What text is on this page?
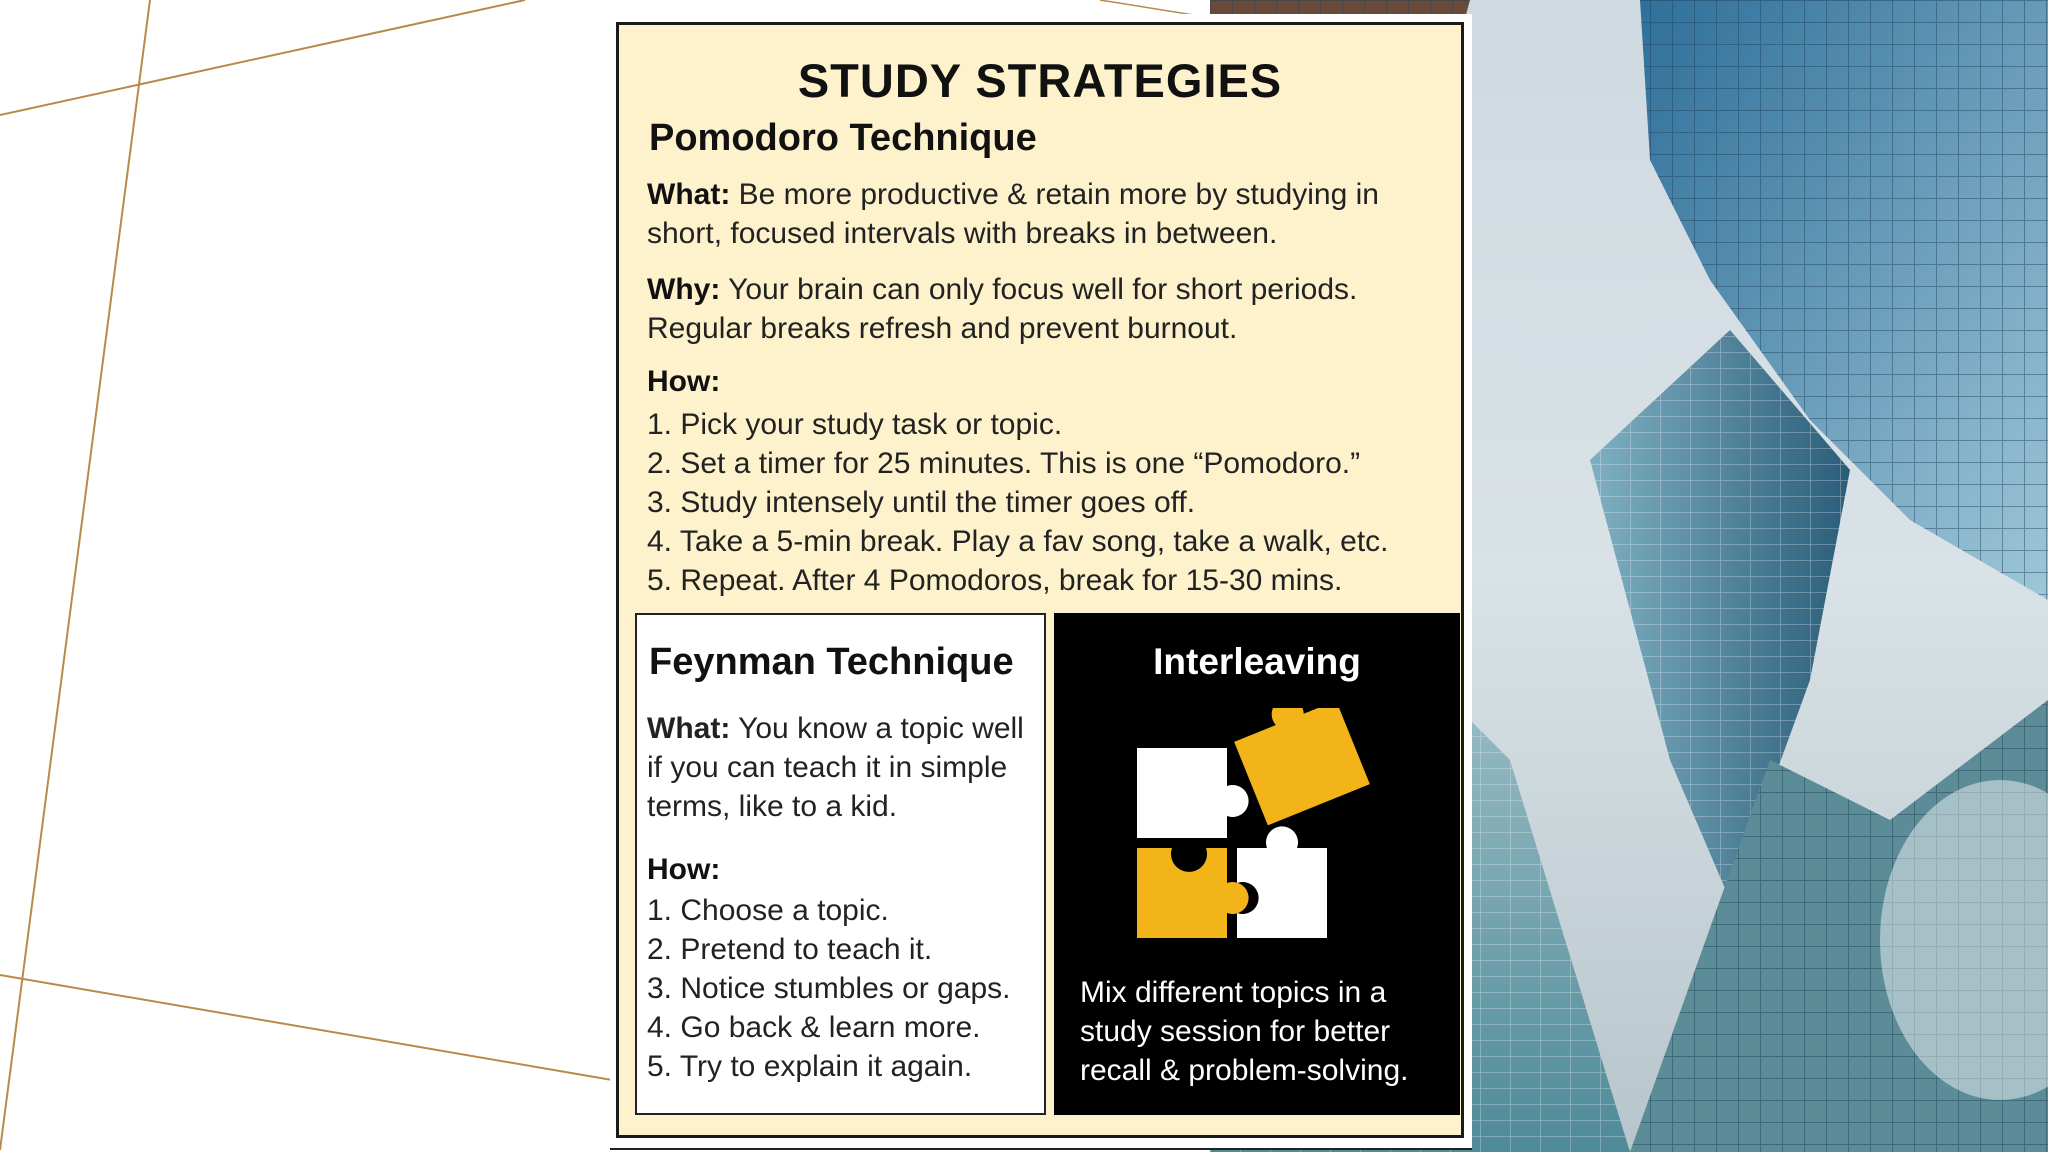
STUDY STRATEGIES
Pomodoro Technique
What: Be more productive & retain more by studying in short, focused intervals with breaks in between.
Why: Your brain can only focus well for short periods. Regular breaks refresh and prevent burnout.
How:
1. Pick your study task or topic.
2. Set a timer for 25 minutes. This is one “Pomodoro.”
3. Study intensely until the timer goes off.
4. Take a 5-min break. Play a fav song, take a walk, etc.
5. Repeat. After 4 Pomodoros, break for 15-30 mins.
Feynman Technique
What: You know a topic well if you can teach it in simple terms, like to a kid.
How:
1. Choose a topic.
2. Pretend to teach it.
3. Notice stumbles or gaps.
4. Go back & learn more.
5. Try to explain it again.
Interleaving
Mix different topics in a study session for better recall & problem-solving.
